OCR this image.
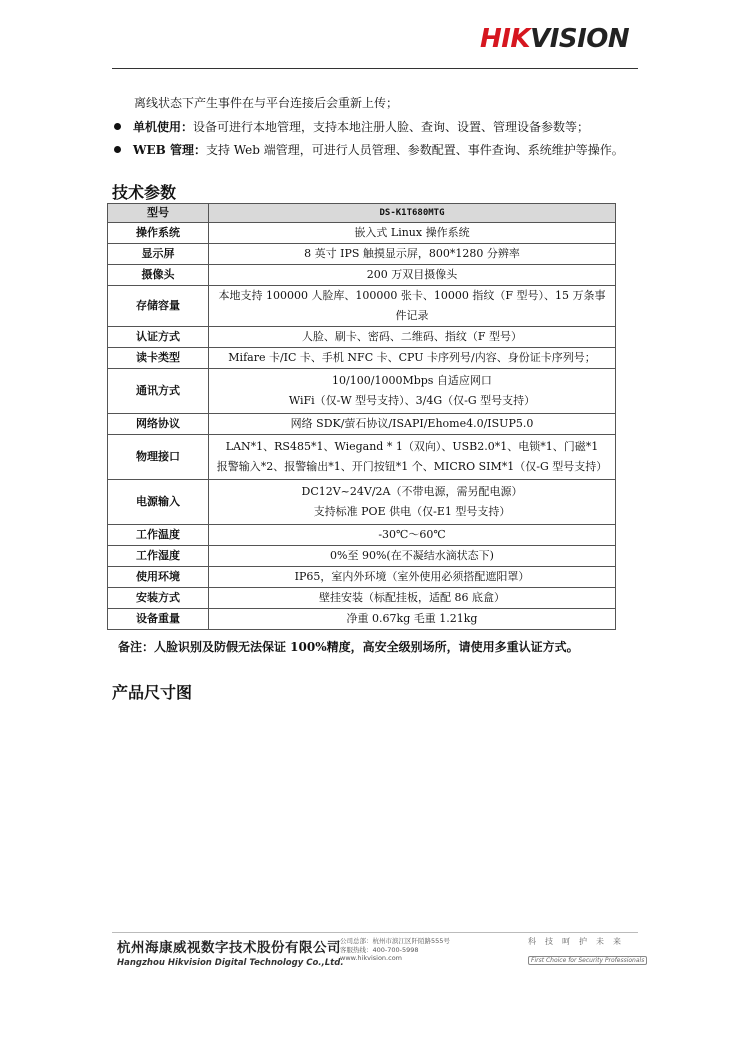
HIKVISION
离线状态下产生事件在与平台连接后会重新上传；
单机使用： 设备可进行本地管理，支持本地注册人脸、查询、设置、管理设备参数等；
WEB 管理： 支持 Web 端管理，可进行人员管理、参数配置、事件查询、系统维护等操作。
技术参数
型号	DS-K1T680MTG
操作系统	嵌入式 Linux 操作系统

显示屏	8 英寸 IPS 触摸显示屏，800*1280 分辨率

摄像头	200 万双目摄像头

存储容量	本地支持 100000 人脸库、100000 张卡、10000 指纹（F 型号）、15 万条事件记录

认证方式	人脸、刷卡、密码、二维码、指纹（F 型号）

读卡类型	Mifare 卡/IC 卡、手机 NFC 卡、CPU 卡序列号/内容、身份证卡序列号；

通讯方式	10/100/1000Mbps 自适应网口
WiFi（仅-W 型号支持）、3/4G（仅-G 型号支持）

网络协议	网络 SDK/萤石协议/ISAPI/Ehome4.0/ISUP5.0

物理接口	LAN*1、RS485*1、Wiegand * 1（双向）、USB2.0*1、电锁*1、门磁*1
报警输入*2、报警输出*1、开门按钮*1 个、MICRO SIM*1（仅-G 型号支持）

电源输入	DC12V~24V/2A（不带电源，需另配电源）
支持标准 POE 供电（仅-E1 型号支持）

工作温度	-30℃～60℃

工作湿度	0%至 90%(在不凝结水滴状态下)

使用环境	IP65，室内外环境（室外使用必须搭配遮阳罩）

安装方式	壁挂安装（标配挂板，适配 86 底盒）

设备重量	净重 0.67kg 毛重 1.21kg
备注：人脸识别及防假无法保证 100%精度，高安全级别场所，请使用多重认证方式。
产品尺寸图
杭州海康威视数字技术股份有限公司
Hangzhou Hikvision Digital Technology Co.,Ltd.
公司总部：杭州市滨江区阡陌路555号
客服热线：400-700-5998
www.hikvision.com
科技呵护未来
First Choice for Security Professionals
